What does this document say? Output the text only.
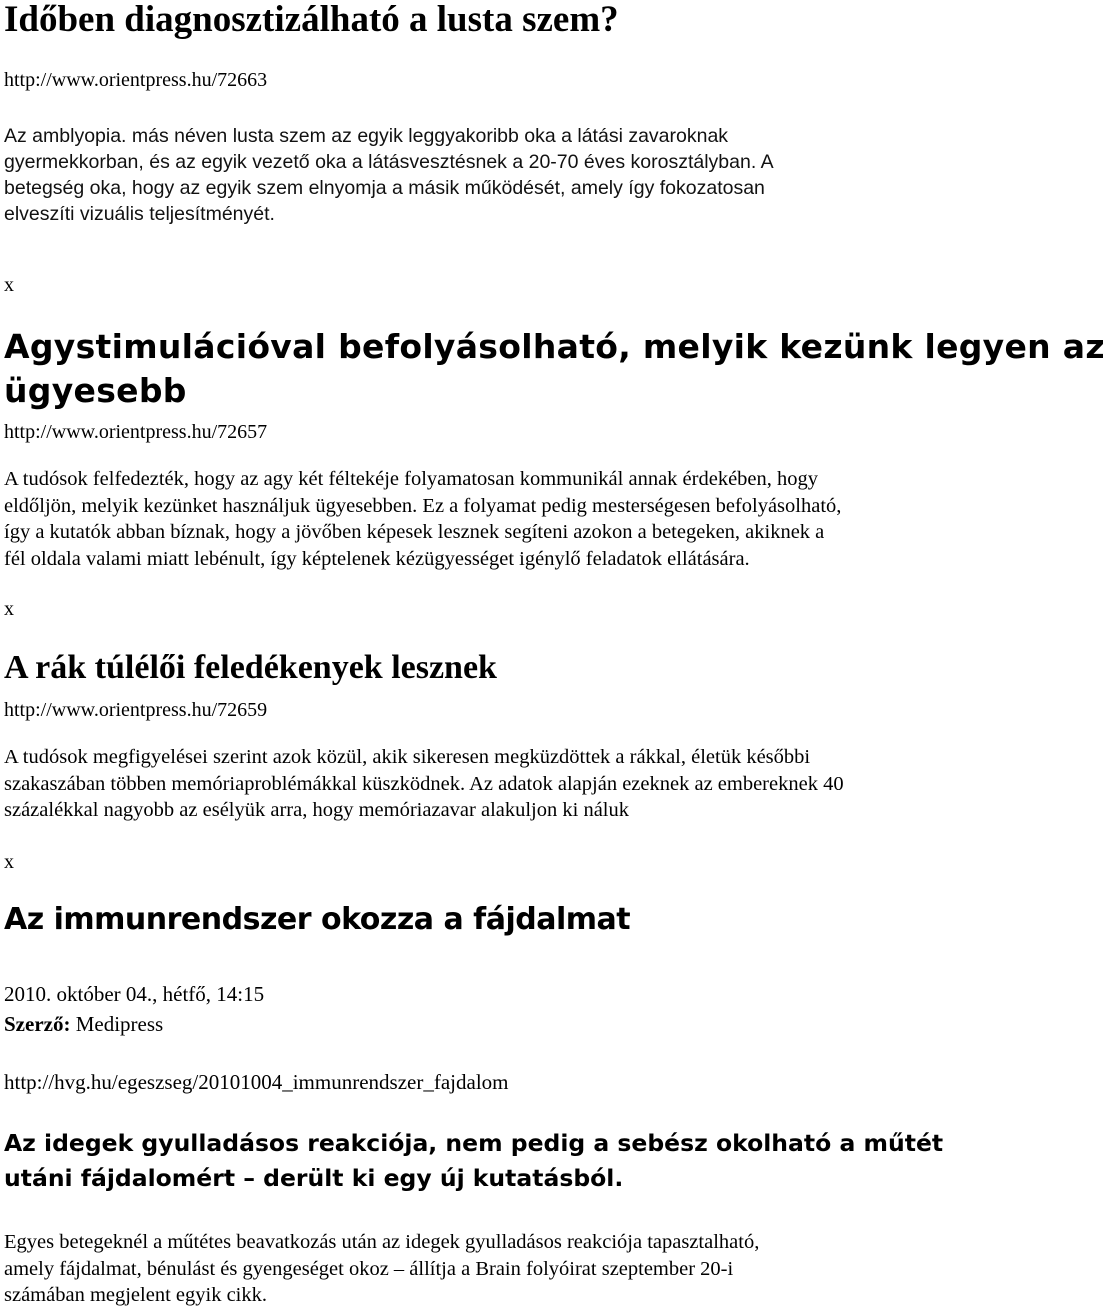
Időben diagnosztizálható a lusta szem?
http://www.orientpress.hu/72663
Az amblyopia. más néven lusta szem az egyik leggyakoribb oka a látási zavaroknak
gyermekkorban, és az egyik vezető oka a látásvesztésnek a 20-70 éves korosztályban. A
betegség oka, hogy az egyik szem elnyomja a másik működését, amely így fokozatosan
elveszíti vizuális teljesítményét.
x
Agystimulációval befolyásolható, melyik kezünk legyen az
ügyesebb
http://www.orientpress.hu/72657
A tudósok felfedezték, hogy az agy két féltekéje folyamatosan kommunikál annak érdekében, hogy
eldőljön, melyik kezünket használjuk ügyesebben. Ez a folyamat pedig mesterségesen befolyásolható,
így a kutatók abban bíznak, hogy a jövőben képesek lesznek segíteni azokon a betegeken, akiknek a
fél oldala valami miatt lebénult, így képtelenek kézügyességet igénylő feladatok ellátására.
x
A rák túlélői feledékenyek lesznek
http://www.orientpress.hu/72659
A tudósok megfigyelései szerint azok közül, akik sikeresen megküzdöttek a rákkal, életük későbbi
szakaszában többen memóriaproblémákkal küszködnek. Az adatok alapján ezeknek az embereknek 40
százalékkal nagyobb az esélyük arra, hogy memóriazavar alakuljon ki náluk
x
Az immunrendszer okozza a fájdalmat
2010. október 04., hétfő, 14:15
Szerző: Medipress
http://hvg.hu/egeszseg/20101004_immunrendszer_fajdalom
Az idegek gyulladásos reakciója, nem pedig a sebész okolható a műtét
utáni fájdalomért – derült ki egy új kutatásból.
Egyes betegeknél a műtétes beavatkozás után az idegek gyulladásos reakciója tapasztalható,
amely fájdalmat, bénulást és gyengeséget okoz – állítja a Brain folyóirat szeptember 20-i
számában megjelent egyik cikk.
